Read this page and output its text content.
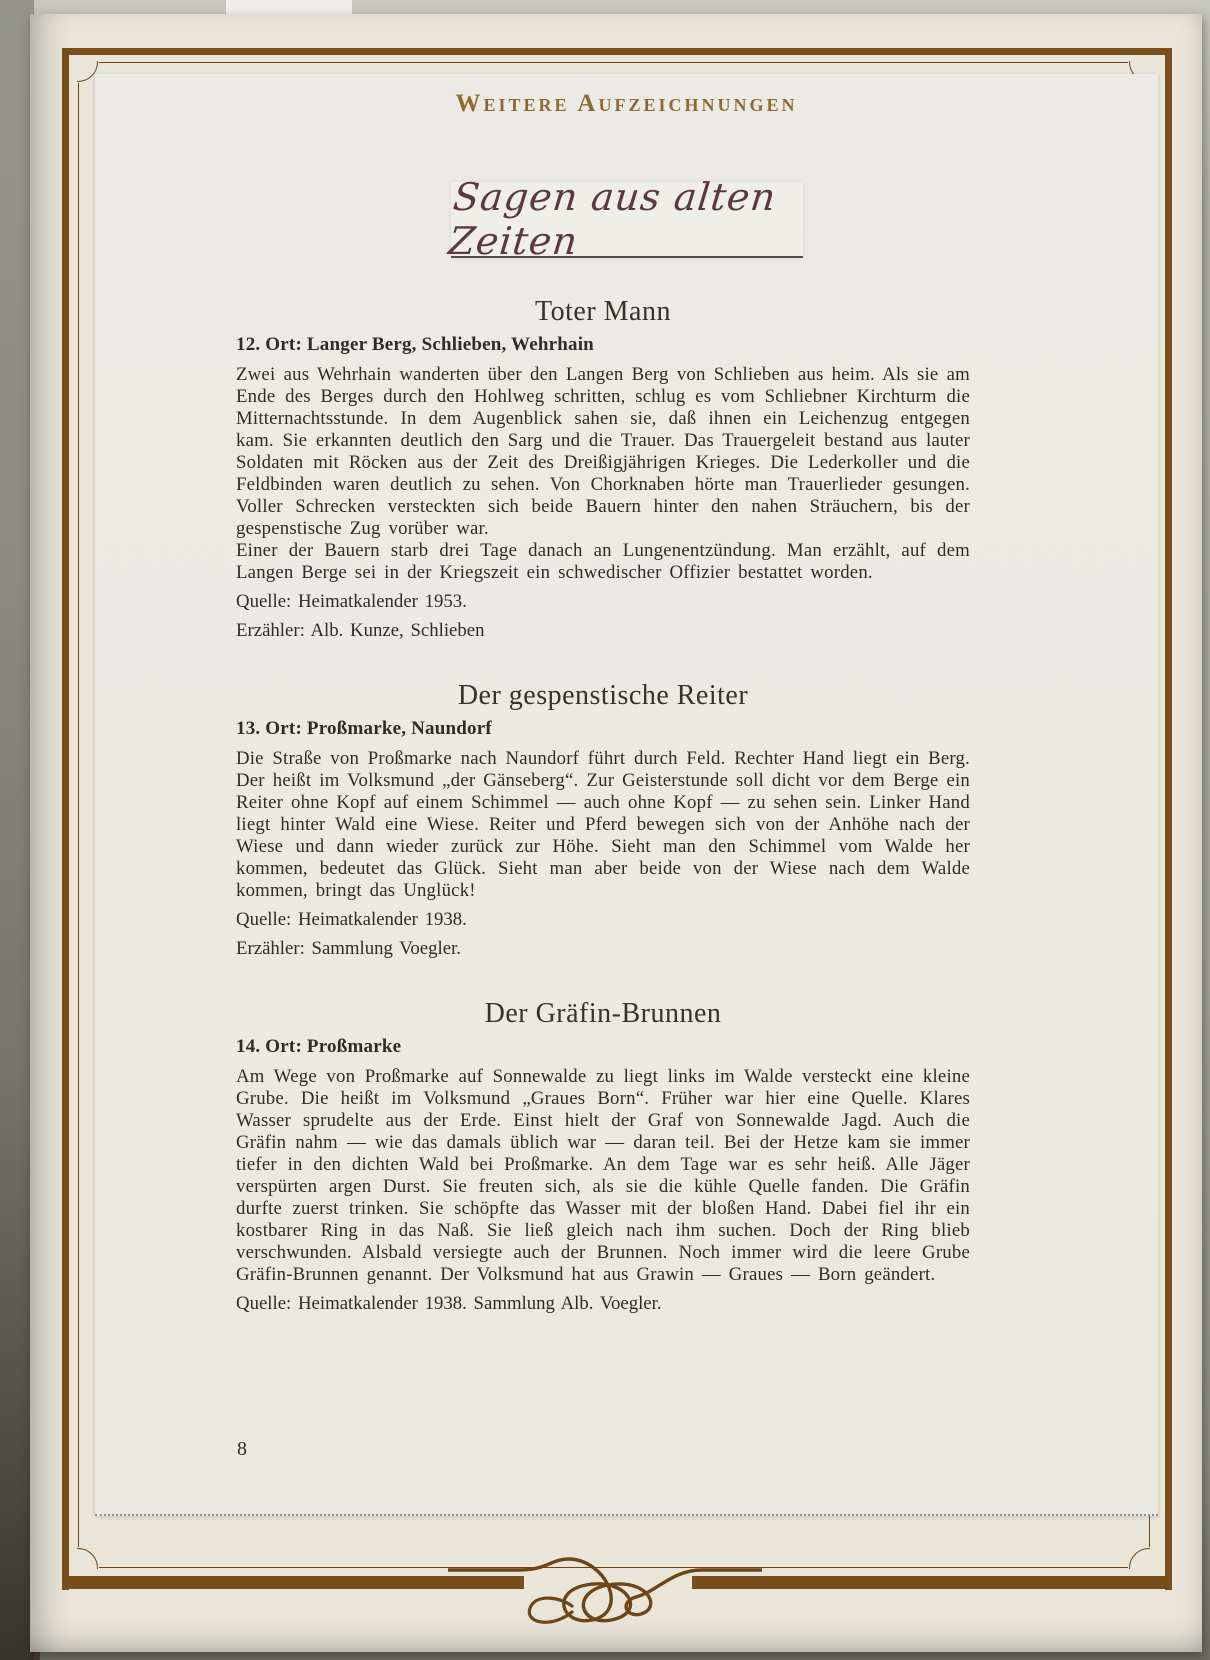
Weitere Aufzeichnungen
Sagen aus alten Zeiten
Toter Mann
12. Ort: Langer Berg, Schlieben, Wehrhain

Zwei aus Wehrhain wanderten über den Langen Berg von Schlieben aus heim. Als sie am Ende des Berges durch den Hohlweg schritten, schlug es vom Schliebner Kirchturm die Mitternachtsstunde. In dem Augenblick sahen sie, daß ihnen ein Leichenzug entgegen kam. Sie erkannten deutlich den Sarg und die Trauer. Das Trauergeleit bestand aus lauter Soldaten mit Röcken aus der Zeit des Dreißigjährigen Krieges. Die Lederkoller und die Feldbinden waren deutlich zu sehen. Von Chorknaben hörte man Trauerlieder gesungen. Voller Schrecken versteckten sich beide Bauern hinter den nahen Sträuchern, bis der gespenstische Zug vorüber war.

Einer der Bauern starb drei Tage danach an Lungenentzündung. Man erzählt, auf dem Langen Berge sei in der Kriegszeit ein schwedischer Offizier bestattet worden.

Quelle: Heimatkalender 1953.

Erzähler: Alb. Kunze, Schlieben

Der gespenstische Reiter
13. Ort: Proßmarke, Naundorf

Die Straße von Proßmarke nach Naundorf führt durch Feld. Rechter Hand liegt ein Berg. Der heißt im Volksmund „der Gänseberg“. Zur Geisterstunde soll dicht vor dem Berge ein Reiter ohne Kopf auf einem Schimmel — auch ohne Kopf — zu sehen sein. Linker Hand liegt hinter Wald eine Wiese. Reiter und Pferd bewegen sich von der Anhöhe nach der Wiese und dann wieder zurück zur Höhe. Sieht man den Schimmel vom Walde her kommen, bedeutet das Glück. Sieht man aber beide von der Wiese nach dem Walde kommen, bringt das Unglück!

Quelle: Heimatkalender 1938.

Erzähler: Sammlung Voegler.

Der Gräfin-Brunnen
14. Ort: Proßmarke

Am Wege von Proßmarke auf Sonnewalde zu liegt links im Walde versteckt eine kleine Grube. Die heißt im Volksmund „Graues Born“. Früher war hier eine Quelle. Klares Wasser sprudelte aus der Erde. Einst hielt der Graf von Sonnewalde Jagd. Auch die Gräfin nahm — wie das damals üblich war — daran teil. Bei der Hetze kam sie immer tiefer in den dichten Wald bei Proßmarke. An dem Tage war es sehr heiß. Alle Jäger verspürten argen Durst. Sie freuten sich, als sie die kühle Quelle fanden. Die Gräfin durfte zuerst trinken. Sie schöpfte das Wasser mit der bloßen Hand. Dabei fiel ihr ein kostbarer Ring in das Naß. Sie ließ gleich nach ihm suchen. Doch der Ring blieb verschwunden. Alsbald versiegte auch der Brunnen. Noch immer wird die leere Grube Gräfin-Brunnen genannt. Der Volksmund hat aus Grawin — Graues — Born geändert.

Quelle: Heimatkalender 1938. Sammlung Alb. Voegler.

8
